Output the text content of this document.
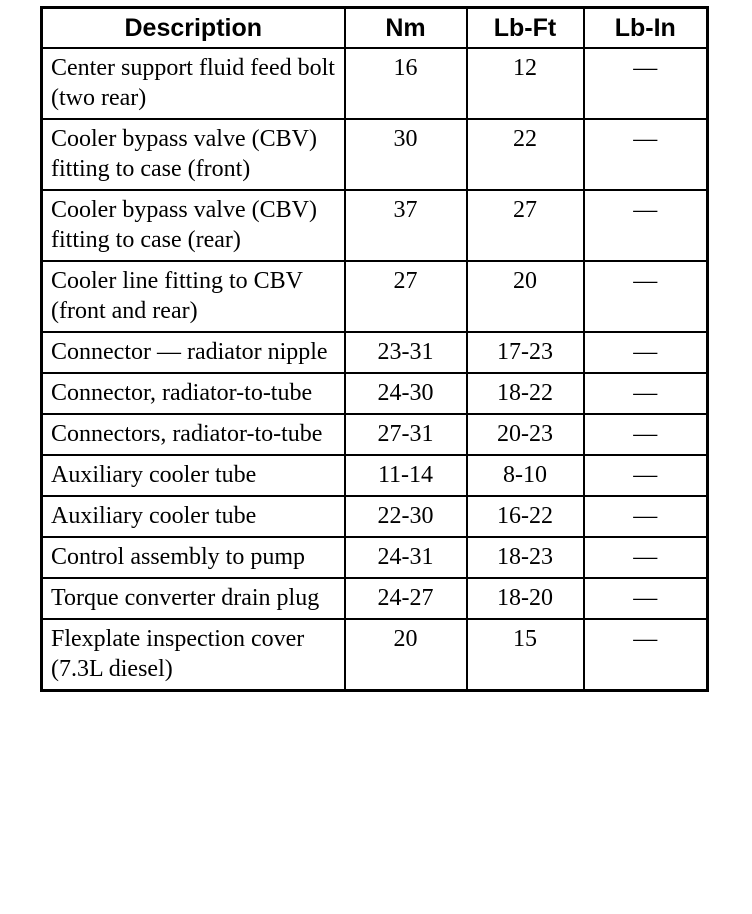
Description	Nm	Lb-Ft	Lb-In
Center support fluid feed bolt (two rear)	16	12	—
Cooler bypass valve (CBV) fitting to case (front)	30	22	—
Cooler bypass valve (CBV) fitting to case (rear)	37	27	—
Cooler line fitting to CBV (front and rear)	27	20	—
Connector — radiator nipple	23-31	17-23	—
Connector, radiator-to-tube	24-30	18-22	—
Connectors, radiator-to-tube	27-31	20-23	—
Auxiliary cooler tube	11-14	8-10	—
Auxiliary cooler tube	22-30	16-22	—
Control assembly to pump	24-31	18-23	—
Torque converter drain plug	24-27	18-20	—
Flexplate inspection cover (7.3L diesel)	20	15	—
